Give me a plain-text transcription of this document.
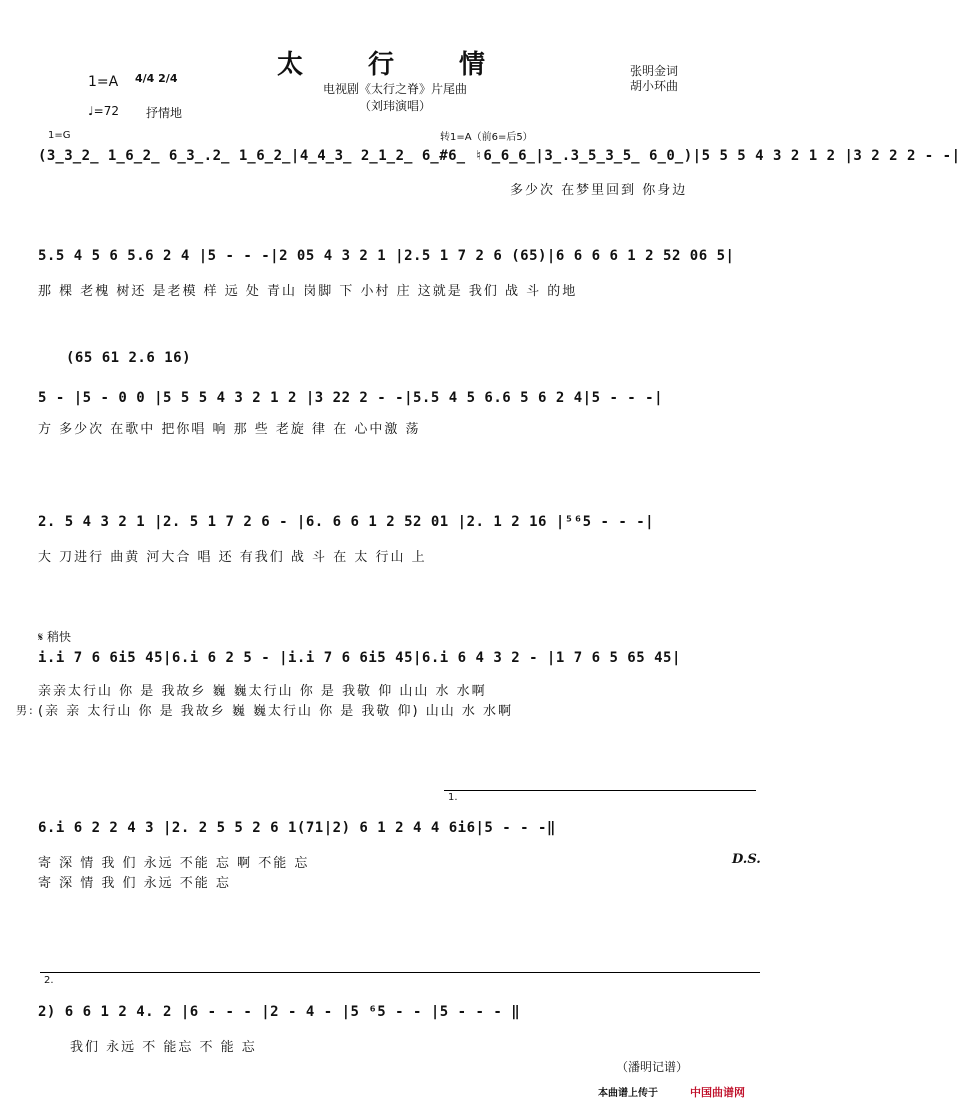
太 行 情
电视剧《太行之脊》片尾曲
（刘玮演唱）
张明金词
胡小环曲
1=A 4/4 2/4
♩=72 抒情地
1=G	转1=A（前6=后5）
(3̲3̲2̲ 1̲6̲2̲ 6̲3̲.2̲ 1̲6̲2̲|4̲4̲3̲ 2̲1̲2̲ 6̲#6̲ ♮6̲6̲6̲|3̲.3̲5̲3̲5̲ 6̲0̲)|5 5 5 4 3 2 1 2 |3 2 2 2 - -|
多少次 在梦里回到 你身边
5.5 4 5 6 5.6 2 4 |5 - - -|2 05 4 3 2 1 |2.5 1 7 2 6 (65)|6 6 6 6 1 2 52 06 5|
那 棵 老槐 树还 是老模 样 远 处 青山 岗脚 下 小村 庄 这就是 我们 战 斗 的地
(65 61 2.6 16)
5 - |5 - 0 0 |5 5 5 4 3 2 1 2 |3 22 2 - -|5.5 4 5 6.6 5 6 2 4|5 - - -|
方 多少次 在歌中 把你唱 响 那 些 老旋 律 在 心中激 荡
2. 5 4 3 2 1 |2. 5 1 7 2 6 - |6. 6 6 1 2 52 01 |2. 1 2 16 |⁵⁶5 - - -|
大 刀进行 曲黄 河大合 唱 还 有我们 战 斗 在 太 行山 上
𝄋 稍快
i.i 7 6 6i5 45|6.i 6 2 5 - |i.i 7 6 6i5 45|6.i 6 4 3 2 - |1 7 6 5 65 45|
亲亲太行山 你 是 我故乡 巍 巍太行山 你 是 我敬 仰 山山 水 水啊
男: (亲 亲 太行山 你 是 我故乡 巍 巍太行山 你 是 我敬 仰) 山山 水 水啊
1.
6.i 6 2 2 4 3 |2. 2 5 5 2 6 1(71|2) 6 1 2 4 4 6i6|5 - - -‖
寄 深 情 我 们 永远 不能 忘 啊 不能 忘
寄 深 情 我 们 永远 不能 忘
D.S.
2.
2) 6 6 1 2 4. 2 |6 - - - |2 - 4 - |5 ⁶5 - - |5 - - - ‖
我们 永远 不 能忘 不 能 忘
（潘明记谱）
本曲谱上传于	中国曲谱网
